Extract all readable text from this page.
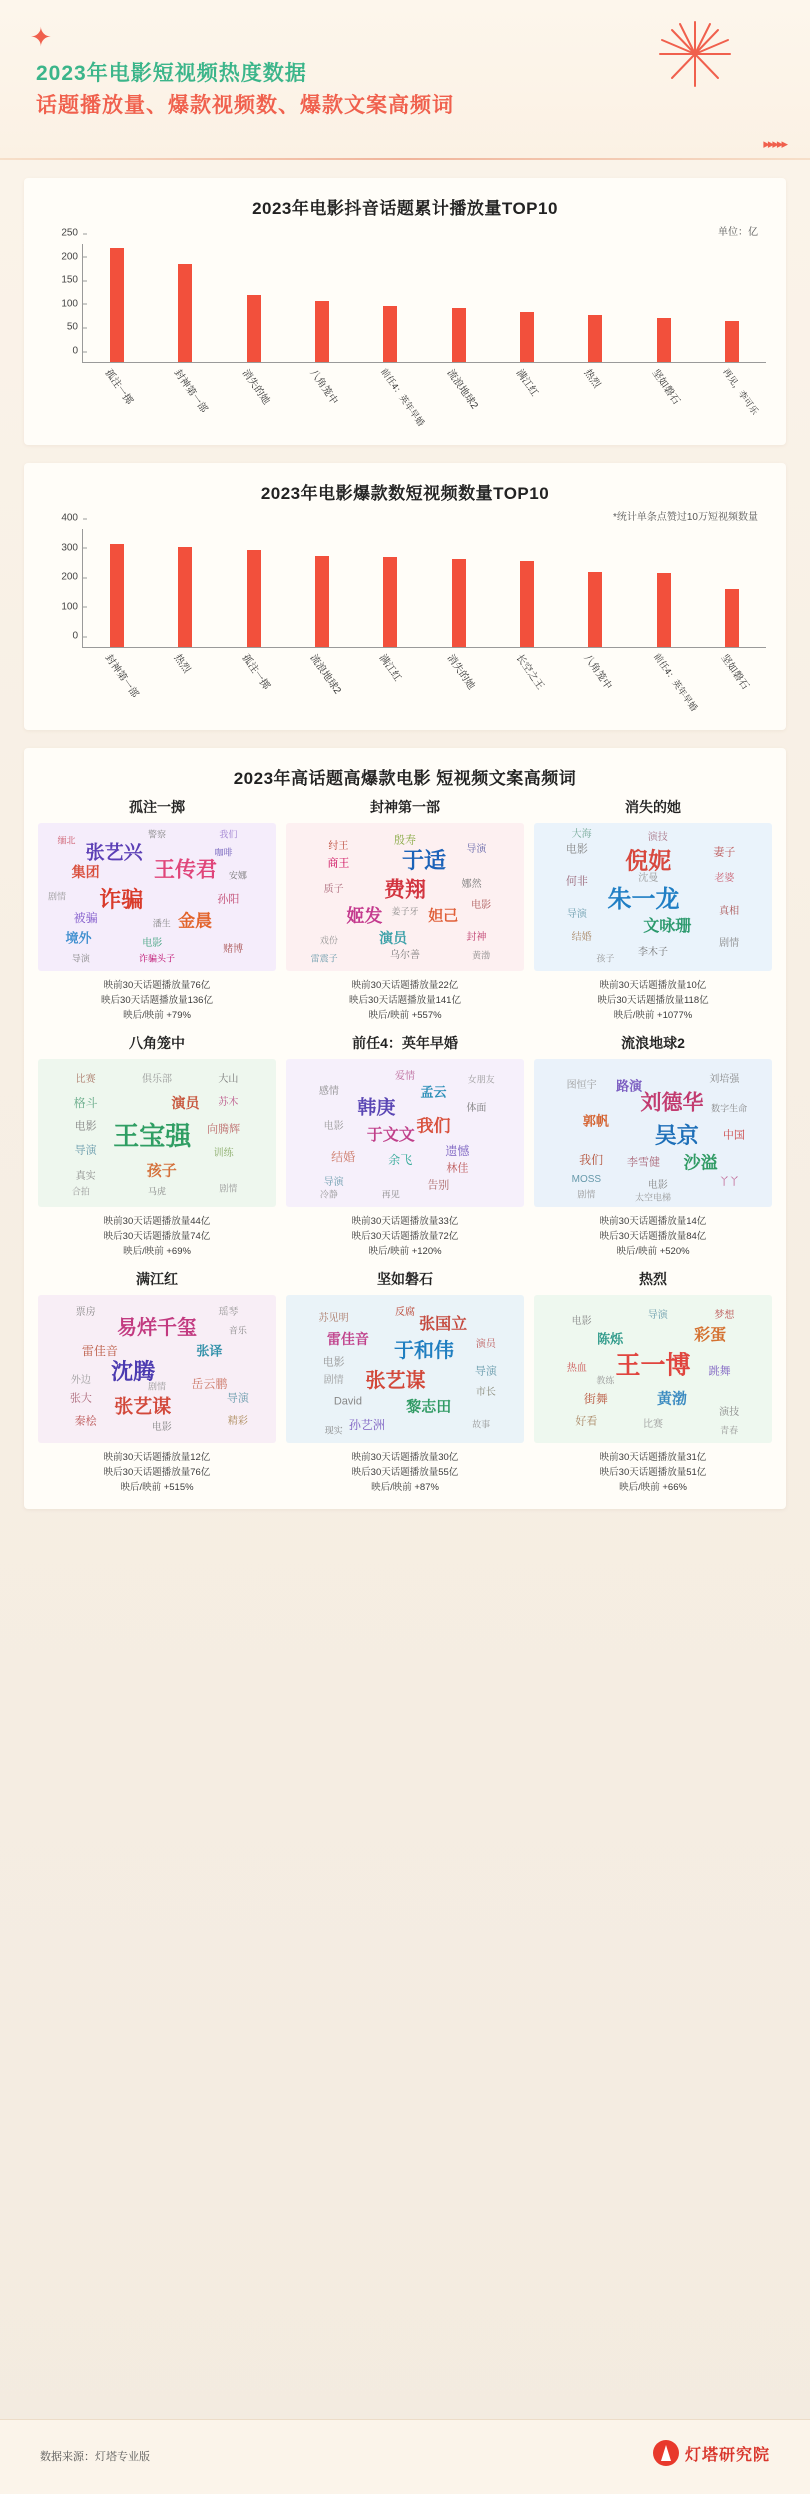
✦
2023年电影短视频热度数据
话题播放量、爆款视频数、爆款文案高频词
▸▸▸▸▸
2023年电影抖音话题累计播放量TOP10
单位：亿
0
50
100
150
200
250
孤注一掷	封神第一部	消失的她	八角笼中	前任4：英年早婚 流浪地球2	满江红	热烈	坚如磐石	再见，李可乐
2023年电影爆款数短视频数量TOP10
*统计单条点赞过10万短视频数量
0
100
200
300
400
封神第一部	热烈	孤注一掷	流浪地球2	满江红	消失的她	长空之王	八角笼中	前任4：英年早婚 坚如磐石
2023年高话题高爆款电影 短视频文案高频词
孤注一掷
张艺兴
王传君
集团
诈骗
金晨
被骗
境外
孙阳
咖啡
警察	我们
缅北
电影
导演	诈骗头子
赌博
安娜
剧情
潘生
映前30天话题播放量76亿
映后30天话题播放量136亿
映后/映前 +79%
封神第一部
于适
费翔
姬发	妲己
演员
商王
质子
纣王	殷寿
娜然
导演
电影
乌尔善
戏份	封神
黄渤
雷震子
姜子牙
映前30天话题播放量22亿
映后30天话题播放量141亿
映后/映前 +557%
消失的她
倪妮
朱一龙
文咏珊
电影	妻子
大海	演技
老婆
何非
导演
结婚
李木子
真相
剧情
沈曼
孩子
映前30天话题播放量10亿
映后30天话题播放量118亿
映后/映前 +1077%
八角笼中
王宝强
演员
孩子
格斗
电影
导演
向腾辉
训练
俱乐部
比赛	大山
苏木
真实
合拍	马虎	剧情
映前30天话题播放量44亿
映后30天话题播放量74亿
映后/映前 +69%
前任4：英年早婚
韩庚
于文文
我们
孟云
遗憾
林佳
结婚	余飞
告别
感情
电影
体面
爱情
导演
冷静	再见
女朋友
映前30天话题播放量33亿
映后30天话题播放量72亿
映后/映前 +120%
流浪地球2
刘德华
吴京
沙溢
郭帆
路演
我们
刘培强
李雪健
中国
MOSS
图恒宇
电影	丫丫
太空电梯
剧情
数字生命
映前30天话题播放量14亿
映后30天话题播放量84亿
映后/映前 +520%
满江红
易烊千玺
沈腾
张艺谋
雷佳音	张译
岳云鹏
导演
外边
张大
秦桧	电影
精彩
票房	瑶琴
剧情
音乐
映前30天话题播放量12亿
映后30天话题播放量76亿
映后/映前 +515%
坚如磐石
张国立
于和伟
张艺谋
黎志田
雷佳音
孙艺洲
David
电影
剧情
导演
苏见明
演员
市长
反腐
故事
现实
映前30天话题播放量30亿
映后30天话题播放量55亿
映后/映前 +87%
热烈
王一博
彩蛋
陈烁
黄渤
街舞
跳舞
好看
电影
导演	梦想
热血
比赛
演技
青春
教练
映前30天话题播放量31亿
映后30天话题播放量51亿
映后/映前 +66%
数据来源：灯塔专业版	灯塔研究院
